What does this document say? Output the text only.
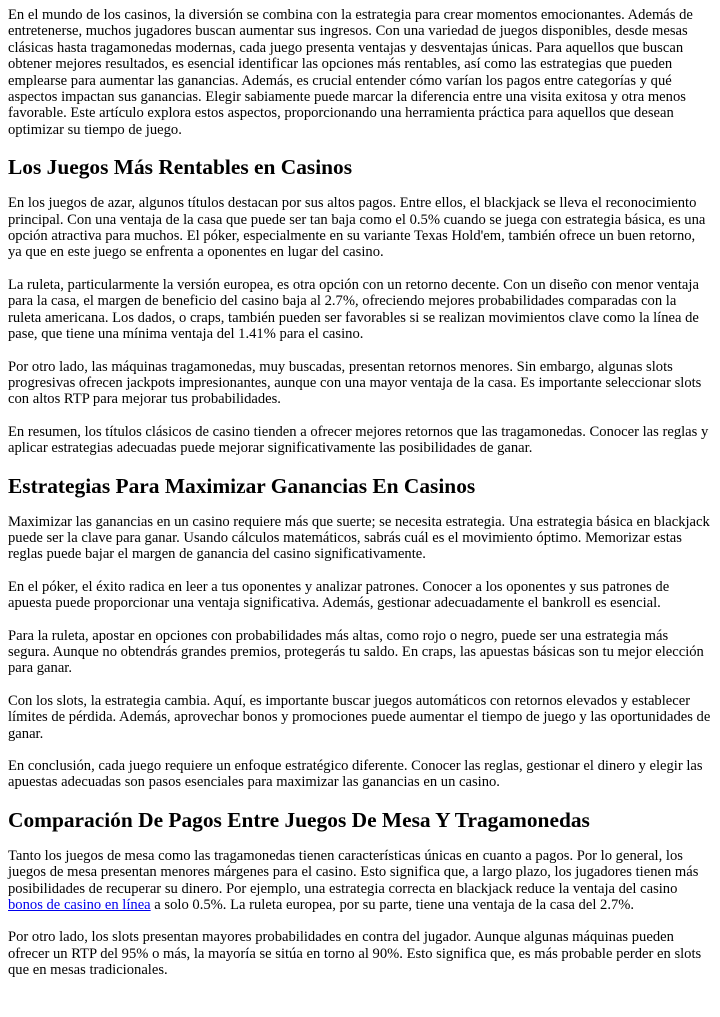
En el mundo de los casinos, la diversión se combina con la estrategia para crear momentos emocionantes. Además de entretenerse, muchos jugadores buscan aumentar sus ingresos. Con una variedad de juegos disponibles, desde mesas clásicas hasta tragamonedas modernas, cada juego presenta ventajas y desventajas únicas. Para aquellos que buscan obtener mejores resultados, es esencial identificar las opciones más rentables, así como las estrategias que pueden emplearse para aumentar las ganancias. Además, es crucial entender cómo varían los pagos entre categorías y qué aspectos impactan sus ganancias. Elegir sabiamente puede marcar la diferencia entre una visita exitosa y otra menos favorable. Este artículo explora estos aspectos, proporcionando una herramienta práctica para aquellos que desean optimizar su tiempo de juego.

Los Juegos Más Rentables en Casinos

En los juegos de azar, algunos títulos destacan por sus altos pagos. Entre ellos, el blackjack se lleva el reconocimiento principal. Con una ventaja de la casa que puede ser tan baja como el 0.5% cuando se juega con estrategia básica, es una opción atractiva para muchos. El póker, especialmente en su variante Texas Hold'em, también ofrece un buen retorno, ya que en este juego se enfrenta a oponentes en lugar del casino.

La ruleta, particularmente la versión europea, es otra opción con un retorno decente. Con un diseño con menor ventaja para la casa, el margen de beneficio del casino baja al 2.7%, ofreciendo mejores probabilidades comparadas con la ruleta americana. Los dados, o craps, también pueden ser favorables si se realizan movimientos clave como la línea de pase, que tiene una mínima ventaja del 1.41% para el casino.

Por otro lado, las máquinas tragamonedas, muy buscadas, presentan retornos menores. Sin embargo, algunas slots progresivas ofrecen jackpots impresionantes, aunque con una mayor ventaja de la casa. Es importante seleccionar slots con altos RTP para mejorar tus probabilidades.

En resumen, los títulos clásicos de casino tienden a ofrecer mejores retornos que las tragamonedas. Conocer las reglas y aplicar estrategias adecuadas puede mejorar significativamente las posibilidades de ganar.

Estrategias Para Maximizar Ganancias En Casinos

Maximizar las ganancias en un casino requiere más que suerte; se necesita estrategia. Una estrategia básica en blackjack puede ser la clave para ganar. Usando cálculos matemáticos, sabrás cuál es el movimiento óptimo. Memorizar estas reglas puede bajar el margen de ganancia del casino significativamente.

En el póker, el éxito radica en leer a tus oponentes y analizar patrones. Conocer a los oponentes y sus patrones de apuesta puede proporcionar una ventaja significativa. Además, gestionar adecuadamente el bankroll es esencial.

Para la ruleta, apostar en opciones con probabilidades más altas, como rojo o negro, puede ser una estrategia más segura. Aunque no obtendrás grandes premios, protegerás tu saldo. En craps, las apuestas básicas son tu mejor elección para ganar.

Con los slots, la estrategia cambia. Aquí, es importante buscar juegos automáticos con retornos elevados y establecer límites de pérdida. Además, aprovechar bonos y promociones puede aumentar el tiempo de juego y las oportunidades de ganar.

En conclusión, cada juego requiere un enfoque estratégico diferente. Conocer las reglas, gestionar el dinero y elegir las apuestas adecuadas son pasos esenciales para maximizar las ganancias en un casino.

Comparación De Pagos Entre Juegos De Mesa Y Tragamonedas

Tanto los juegos de mesa como las tragamonedas tienen características únicas en cuanto a pagos. Por lo general, los juegos de mesa presentan menores márgenes para el casino. Esto significa que, a largo plazo, los jugadores tienen más posibilidades de recuperar su dinero. Por ejemplo, una estrategia correcta en blackjack reduce la ventaja del casino bonos de casino en línea a solo 0.5%. La ruleta europea, por su parte, tiene una ventaja de la casa del 2.7%.

Por otro lado, los slots presentan mayores probabilidades en contra del jugador. Aunque algunas máquinas pueden ofrecer un RTP del 95% o más, la mayoría se sitúa en torno al 90%. Esto significa que, es más probable perder en slots que en mesas tradicionales.
